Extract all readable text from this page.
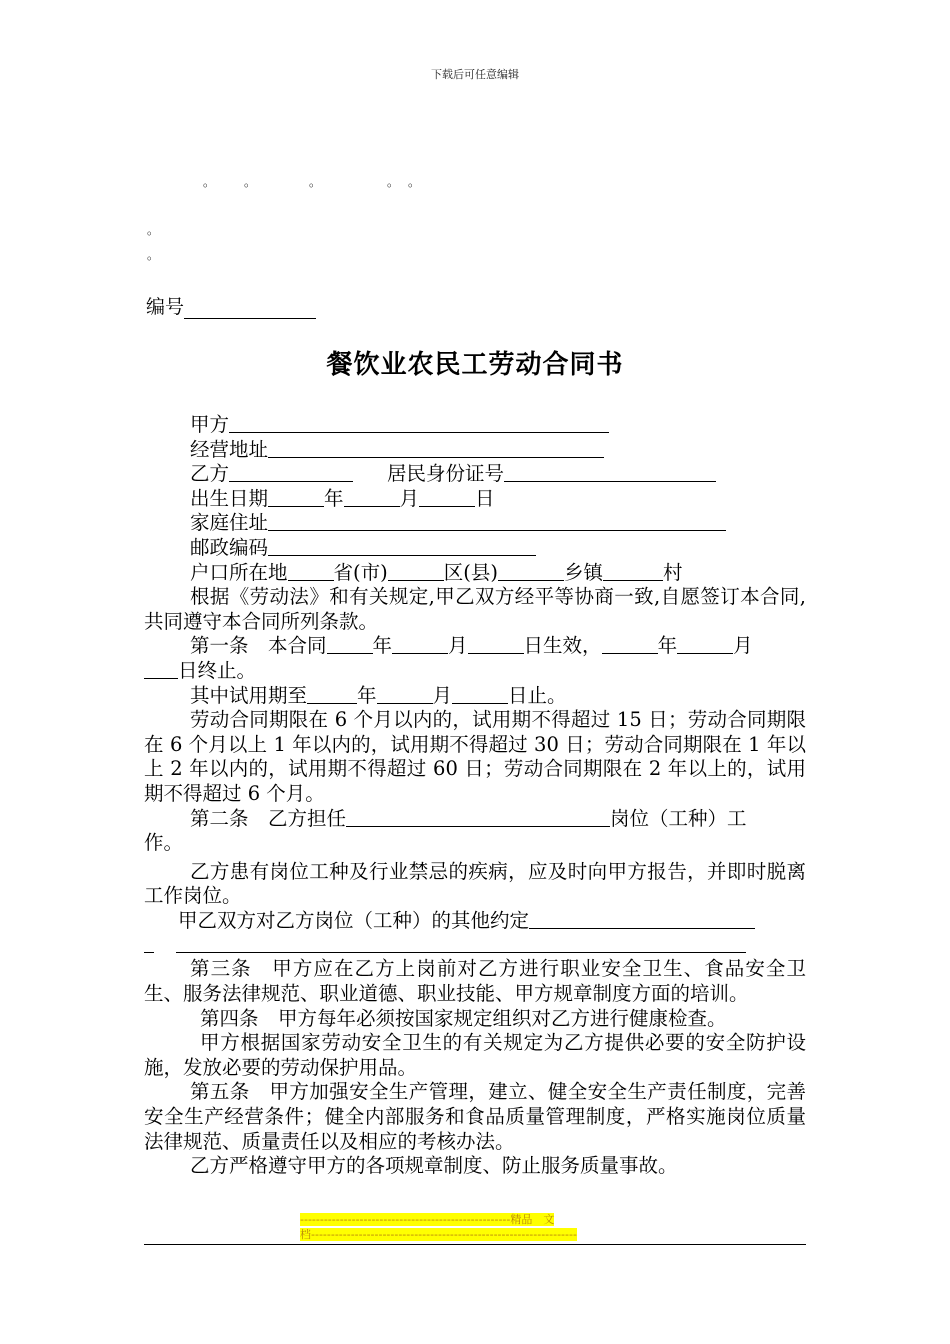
下载后可任意编辑
。 。	。	。 。
。
。
编号
餐饮业农民工劳动合同书
甲方
经营地址
乙方	居民身份证号
出生日期	年	月	日
家庭住址
邮政编码
户口所在地 省(市)	区(县)	乡镇	村
根据《劳动法》和有关规定,甲乙双方经平等协商一致,自愿签订本合同,共同遵守本合同所列条款。
第一条　本合同 年	月	日生效，	年	月
日终止。
其中试用期至	年	月	日止。
劳动合同期限在 6 个月以内的，试用期不得超过 15 日；劳动合同期限在 6 个月以上 1 年以内的，试用期不得超过 30 日；劳动合同期限在 1 年以上 2 年以内的，试用期不得超过 60 日；劳动合同期限在 2 年以上的，试用期不得超过 6 个月。
第二条　乙方担任	岗位（工种）工
作。
乙方患有岗位工种及行业禁忌的疾病，应及时向甲方报告，并即时脱离工作岗位。
甲乙双方对乙方岗位（工种）的其他约定
第三条　甲方应在乙方上岗前对乙方进行职业安全卫生、食品安全卫生、服务法律规范、职业道德、职业技能、甲方规章制度方面的培训。
第四条　甲方每年必须按国家规定组织对乙方进行健康检查。
甲方根据国家劳动安全卫生的有关规定为乙方提供必要的安全防护设施，发放必要的劳动保护用品。
第五条　甲方加强安全生产管理，建立、健全安全生产责任制度，完善安全生产经营条件；健全内部服务和食品质量管理制度，严格实施岗位质量法律规范、质量责任以及相应的考核办法。
乙方严格遵守甲方的各项规章制度、防止服务质量事故。
-----------------------------------------------------精品　文
档-------------------------------------------------------------------
